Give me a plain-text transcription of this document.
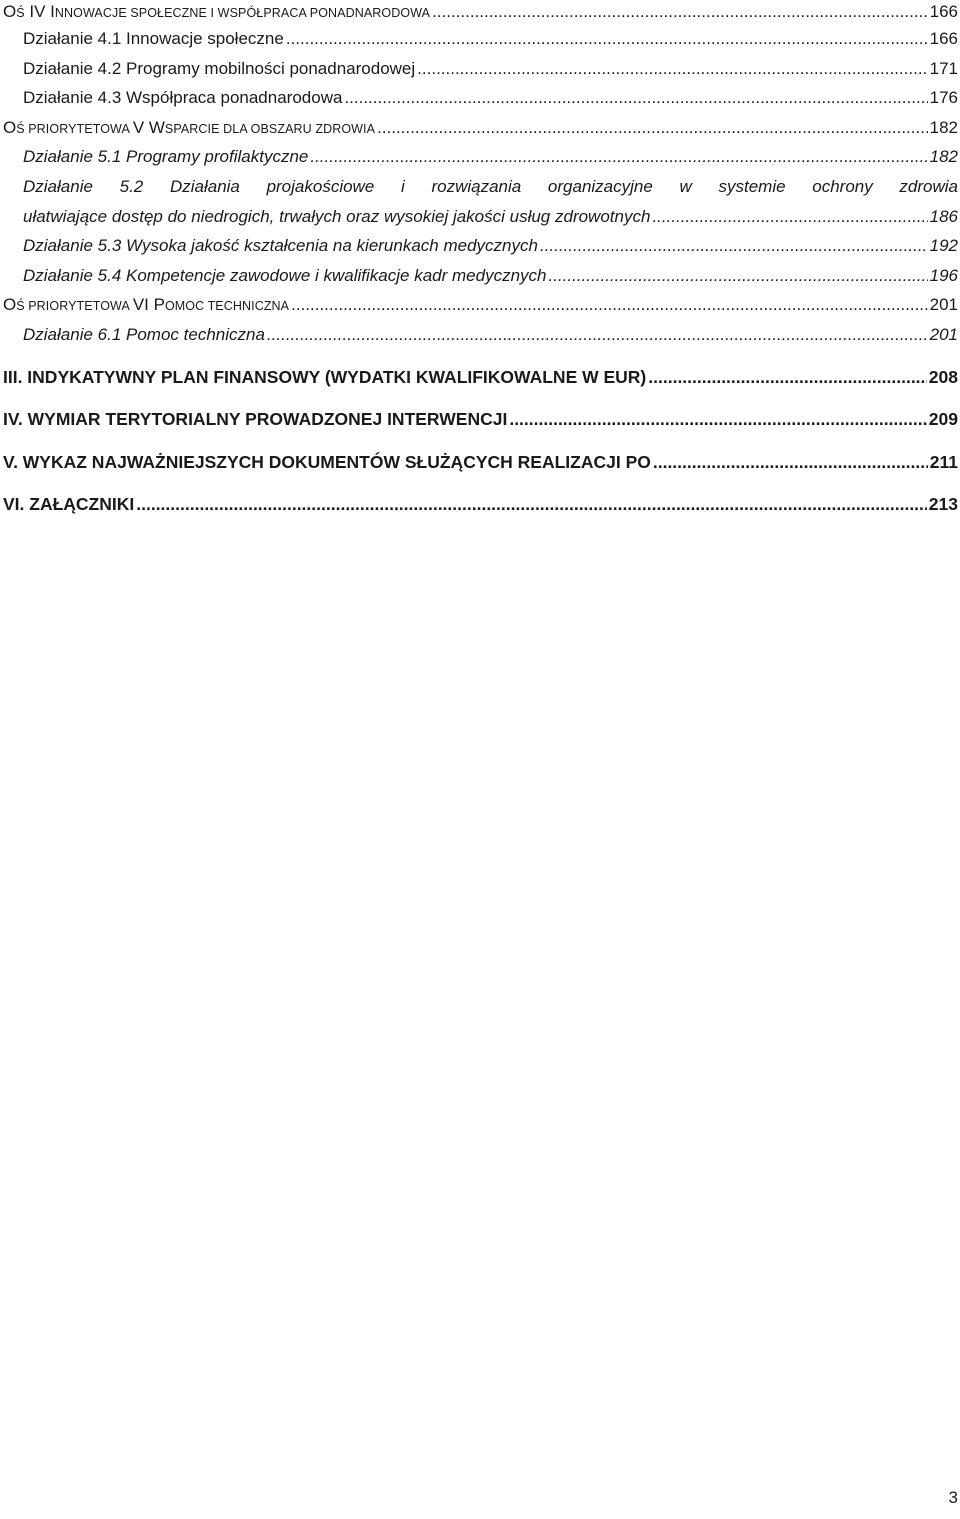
OŚ IV INNOWACJE SPOŁECZNE I WSPÓŁPRACA PONADNARODOWA .....	166
Działanie 4.1 Innowacje społeczne .....	166
Działanie 4.2 Programy mobilności ponadnarodowej .....	171
Działanie 4.3 Współpraca ponadnarodowa .....	176
OŚ PRIORYTETOWA V WSPARCIE DLA OBSZARU ZDROWIA .....	182
Działanie 5.1 Programy profilaktyczne .....	182
Działanie 5.2 Działania projakościowe i rozwiązania organizacyjne w systemie ochrony zdrowia
ułatwiające dostęp do niedrogich, trwałych oraz wysokiej jakości usług zdrowotnych .....	186
Działanie 5.3 Wysoka jakość kształcenia na kierunkach medycznych .....	192
Działanie 5.4 Kompetencje zawodowe i kwalifikacje kadr medycznych .....	196
OŚ PRIORYTETOWA VI POMOC TECHNICZNA .....	201
Działanie 6.1 Pomoc techniczna .....	201
III. INDYKATYWNY PLAN FINANSOWY (WYDATKI KWALIFIKOWALNE W EUR) .....	208
IV. WYMIAR TERYTORIALNY PROWADZONEJ INTERWENCJI .....	209
V. WYKAZ NAJWAŻNIEJSZYCH DOKUMENTÓW SŁUŻĄCYCH REALIZACJI PO .....	211
VI. ZAŁĄCZNIKI .....	213
3
